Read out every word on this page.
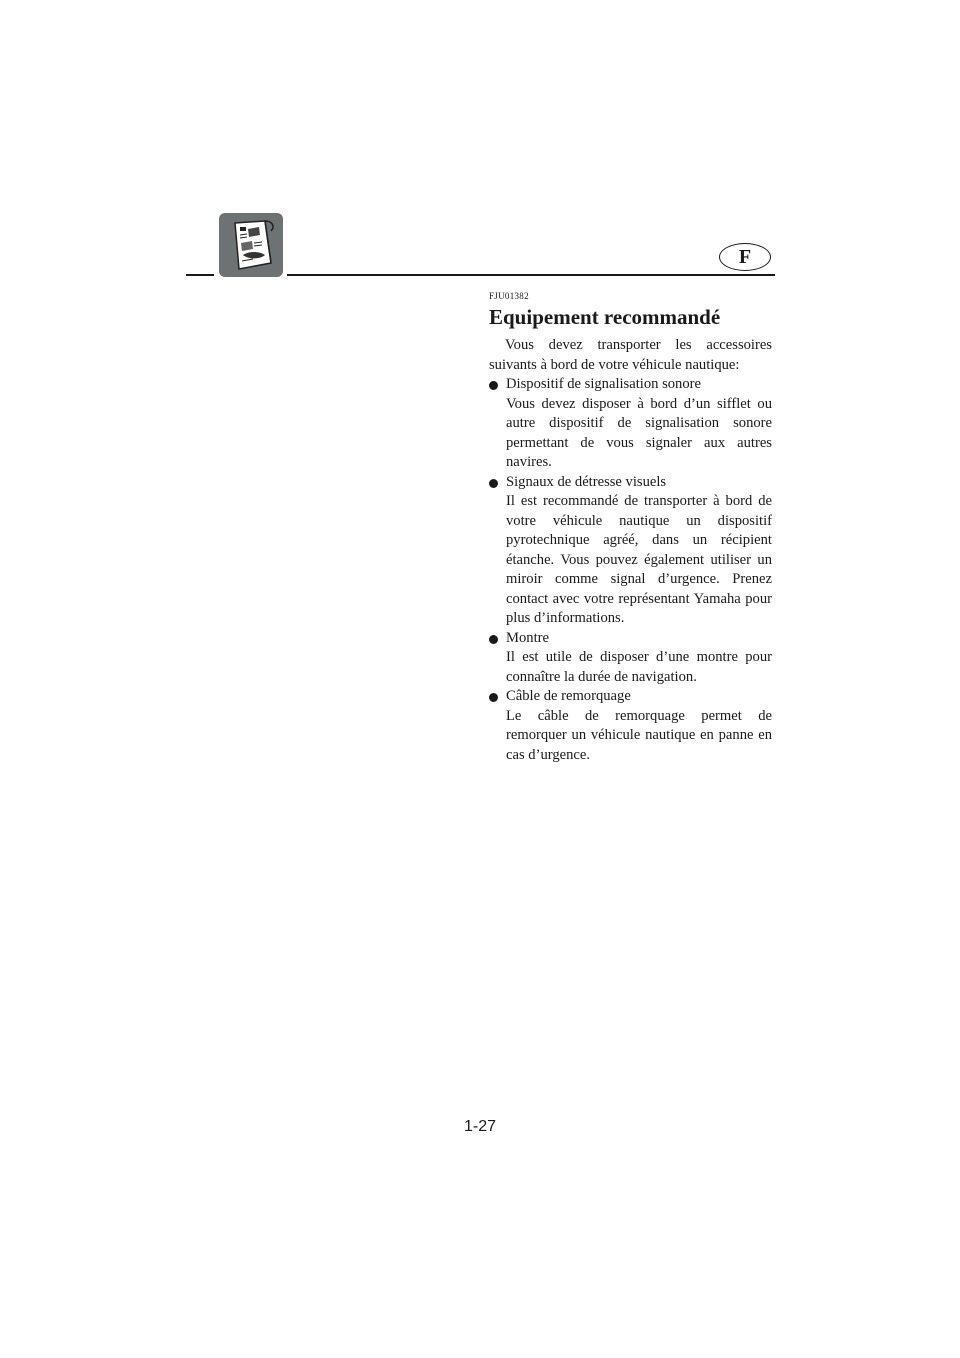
F

FJU01382

Equipement recommandé

Vous devez transporter les accessoires suivants à bord de votre véhicule nautique:

Dispositif de signalisation sonore

Vous devez disposer à bord d’un sifflet ou autre dispositif de signalisation sonore permettant de vous signaler aux autres navires.

Signaux de détresse visuels

Il est recommandé de transporter à bord de votre véhicule nautique un dispositif pyrotechnique agréé, dans un récipient étanche. Vous pouvez également utiliser un miroir comme signal d’urgence. Prenez contact avec votre représentant Yamaha pour plus d’informations.

Montre

Il est utile de disposer d’une montre pour connaître la durée de navigation.

Câble de remorquage

Le câble de remorquage permet de remorquer un véhicule nautique en panne en cas d’urgence.

1-27
